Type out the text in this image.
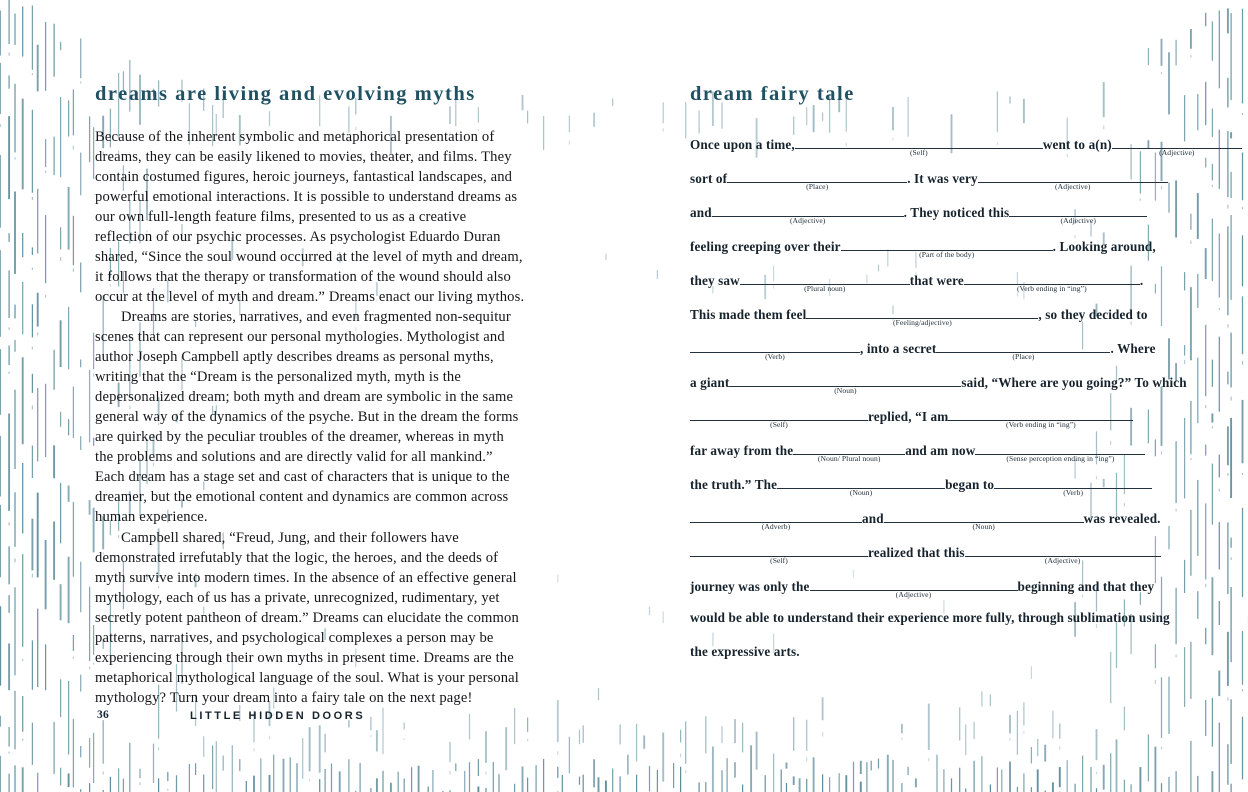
dreams are living and evolving myths

Because of the inherent symbolic and metaphorical presentation of dreams, they can be easily likened to movies, theater, and films. They contain costumed figures, heroic journeys, fantastical landscapes, and powerful emotional interactions. It is possible to understand dreams as our own full-length feature films, presented to us as a creative reflection of our psychic processes. As psychologist Eduardo Duran shared, “Since the soul wound occurred at the level of myth and dream, it follows that the therapy or transformation of the wound should also occur at the level of myth and dream.” Dreams enact our living mythos.

Dreams are stories, narratives, and even fragmented non-sequitur scenes that can represent our personal mythologies. Mythologist and author Joseph Campbell aptly describes dreams as personal myths, writing that the “Dream is the personalized myth, myth is the depersonalized dream; both myth and dream are symbolic in the same general way of the dynamics of the psyche. But in the dream the forms are quirked by the peculiar troubles of the dreamer, whereas in myth the problems and solutions and are directly valid for all mankind.” Each dream has a stage set and cast of characters that is unique to the dreamer, but the emotional content and dynamics are common across human experience.

Campbell shared, “Freud, Jung, and their followers have demonstrated irrefutably that the logic, the heroes, and the deeds of myth survive into modern times. In the absence of an effective general mythology, each of us has a private, unrecognized, rudimentary, yet secretly potent pantheon of dream.” Dreams can elucidate the common patterns, narratives, and psychological complexes a person may be experiencing through their own myths in present time. Dreams are the metaphorical mythological language of the soul. What is your personal mythology? Turn your dream into a fairy tale on the next page!

dream fairy tale
Once upon a time,
(Self)
went to a(n)
(Adjective)
sort of
(Place)
. It was very
(Adjective)
and
(Adjective)
. They noticed this
(Adjective)
feeling creeping over their
(Part of the body)
. Looking around,
they saw
(Plural noun)
that were
(Verb ending in “ing”)
.
This made them feel
(Feeling/adjective)
, so they decided to
(Verb)
, into a secret
(Place)
. Where
a giant
(Noun)
said, “Where are you going?” To which
(Self)
replied, “I am
(Verb ending in “ing”)
far away from the
(Noun/ Plural noun)
and am now
(Sense perception ending in “ing”)
the truth.” The
(Noun)
began to
(Verb)
(Adverb)
and
(Noun)
was revealed.
(Self)
realized that this
(Adjective)
journey was only the
(Adjective)
beginning and that they
would be able to understand their experience more fully, through sublimation using
the expressive arts.
36	LITTLE HIDDEN DOORS
